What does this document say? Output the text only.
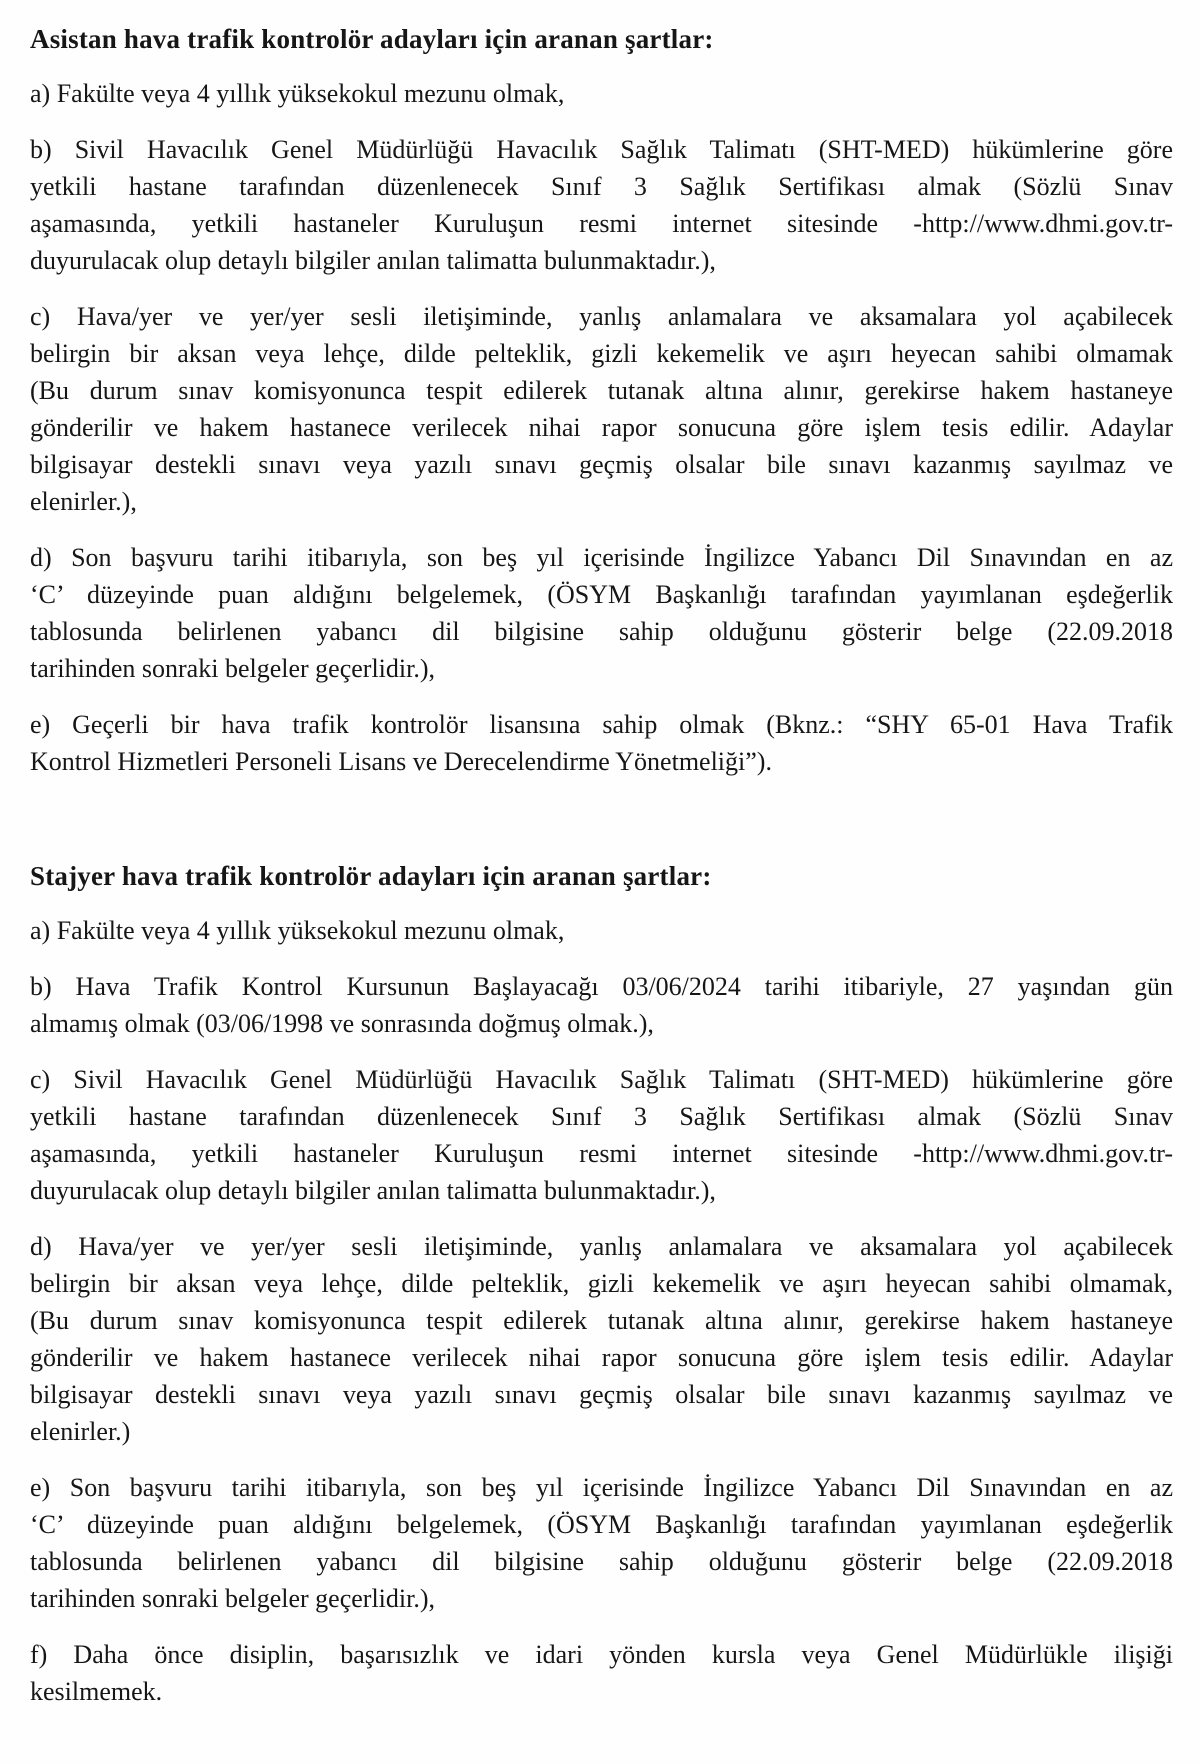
Asistan hava trafik kontrolör adayları için aranan şartlar:
a) Fakülte veya 4 yıllık yüksekokul mezunu olmak,
b) Sivil Havacılık Genel Müdürlüğü Havacılık Sağlık Talimatı (SHT-MED) hükümlerine göre
yetkili hastane tarafından düzenlenecek Sınıf 3 Sağlık Sertifikası almak (Sözlü Sınav
aşamasında, yetkili hastaneler Kuruluşun resmi internet sitesinde -http://www.dhmi.gov.tr-
duyurulacak olup detaylı bilgiler anılan talimatta bulunmaktadır.),
c) Hava/yer ve yer/yer sesli iletişiminde, yanlış anlamalara ve aksamalara yol açabilecek
belirgin bir aksan veya lehçe, dilde pelteklik, gizli kekemelik ve aşırı heyecan sahibi olmamak
(Bu durum sınav komisyonunca tespit edilerek tutanak altına alınır, gerekirse hakem hastaneye
gönderilir ve hakem hastanece verilecek nihai rapor sonucuna göre işlem tesis edilir. Adaylar
bilgisayar destekli sınavı veya yazılı sınavı geçmiş olsalar bile sınavı kazanmış sayılmaz ve
elenirler.),
d) Son başvuru tarihi itibarıyla, son beş yıl içerisinde İngilizce Yabancı Dil Sınavından en az
‘C’ düzeyinde puan aldığını belgelemek, (ÖSYM Başkanlığı tarafından yayımlanan eşdeğerlik
tablosunda belirlenen yabancı dil bilgisine sahip olduğunu gösterir belge (22.09.2018
tarihinden sonraki belgeler geçerlidir.),
e) Geçerli bir hava trafik kontrolör lisansına sahip olmak (Bknz.: “SHY 65-01 Hava Trafik
Kontrol Hizmetleri Personeli Lisans ve Derecelendirme Yönetmeliği”).
Stajyer hava trafik kontrolör adayları için aranan şartlar:
a) Fakülte veya 4 yıllık yüksekokul mezunu olmak,
b) Hava Trafik Kontrol Kursunun Başlayacağı 03/06/2024 tarihi itibariyle, 27 yaşından gün
almamış olmak (03/06/1998 ve sonrasında doğmuş olmak.),
c) Sivil Havacılık Genel Müdürlüğü Havacılık Sağlık Talimatı (SHT-MED) hükümlerine göre
yetkili hastane tarafından düzenlenecek Sınıf 3 Sağlık Sertifikası almak (Sözlü Sınav
aşamasında, yetkili hastaneler Kuruluşun resmi internet sitesinde -http://www.dhmi.gov.tr-
duyurulacak olup detaylı bilgiler anılan talimatta bulunmaktadır.),
d) Hava/yer ve yer/yer sesli iletişiminde, yanlış anlamalara ve aksamalara yol açabilecek
belirgin bir aksan veya lehçe, dilde pelteklik, gizli kekemelik ve aşırı heyecan sahibi olmamak,
(Bu durum sınav komisyonunca tespit edilerek tutanak altına alınır, gerekirse hakem hastaneye
gönderilir ve hakem hastanece verilecek nihai rapor sonucuna göre işlem tesis edilir. Adaylar
bilgisayar destekli sınavı veya yazılı sınavı geçmiş olsalar bile sınavı kazanmış sayılmaz ve
elenirler.)
e) Son başvuru tarihi itibarıyla, son beş yıl içerisinde İngilizce Yabancı Dil Sınavından en az
‘C’ düzeyinde puan aldığını belgelemek, (ÖSYM Başkanlığı tarafından yayımlanan eşdeğerlik
tablosunda belirlenen yabancı dil bilgisine sahip olduğunu gösterir belge (22.09.2018
tarihinden sonraki belgeler geçerlidir.),
f) Daha önce disiplin, başarısızlık ve idari yönden kursla veya Genel Müdürlükle ilişiği
kesilmemek.
